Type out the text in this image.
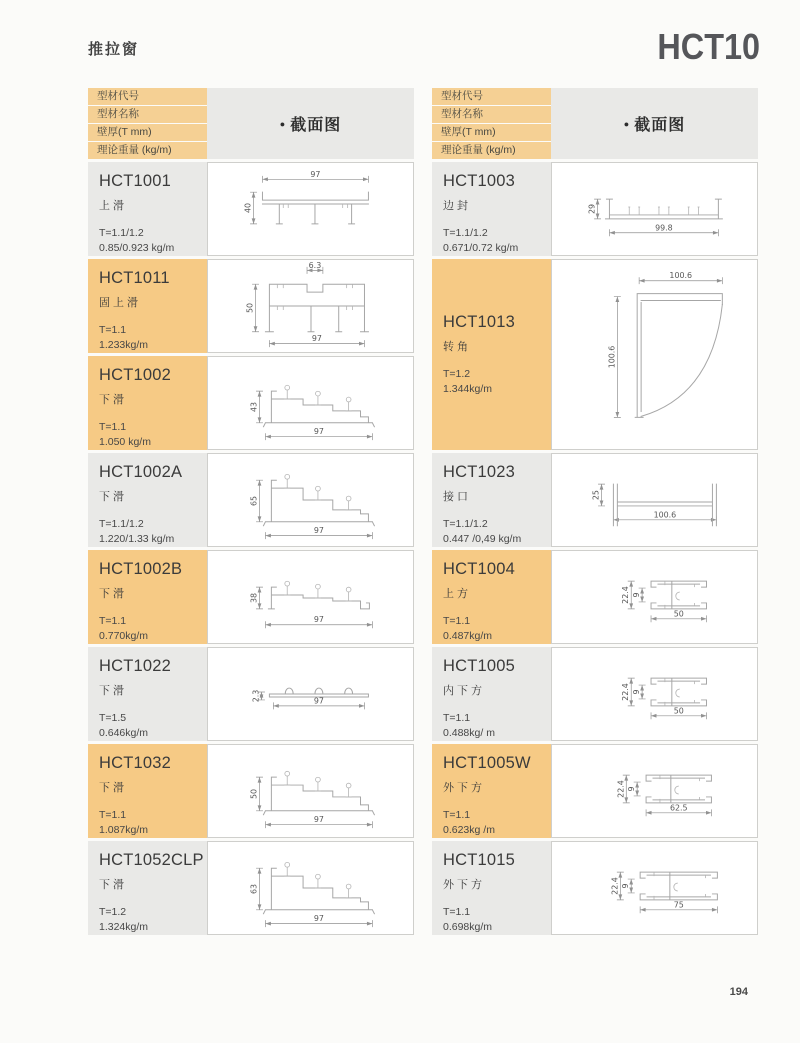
推拉窗	HCT10
型材代号
型材名称
壁厚(T mm)
理论重量 (kg/m)
● 截面图
HCT1001
上滑
T=1.1/1.2
0.85/0.923 kg/m
97
40
HCT1011
固上滑
T=1.1
1.233kg/m
6.3
50
97
HCT1002
下滑
T=1.1
1.050 kg/m
43
97
HCT1002A
下滑
T=1.1/1.2
1.220/1.33 kg/m
65
97
HCT1002B
下滑
T=1.1
0.770kg/m
38
97
HCT1022
下滑
T=1.5
0.646kg/m
2.3	97
HCT1032
下滑
T=1.1
1.087kg/m
50
97
HCT1052CLP
下滑
T=1.2
1.324kg/m
63
97
型材代号
型材名称
壁厚(T mm)
理论重量 (kg/m)
● 截面图
HCT1003
边封
T=1.1/1.2
0.671/0.72 kg/m
29
99.8
HCT1013
转角
T=1.2
1.344kg/m
100.6
100.6
HCT1023
接口
T=1.1/1.2
0.447 /0,49 kg/m
25
100.6
HCT1004
上方
T=1.1
0.487kg/m
22.4 9
50
HCT1005
内下方
T=1.1
0.488kg/ m
22.4 9
50
HCT1005W
外下方
T=1.1
0.623kg /m
22.4 9
62.5
HCT1015
外下方
T=1.1
0.698kg/m
22.4 9
75
194
